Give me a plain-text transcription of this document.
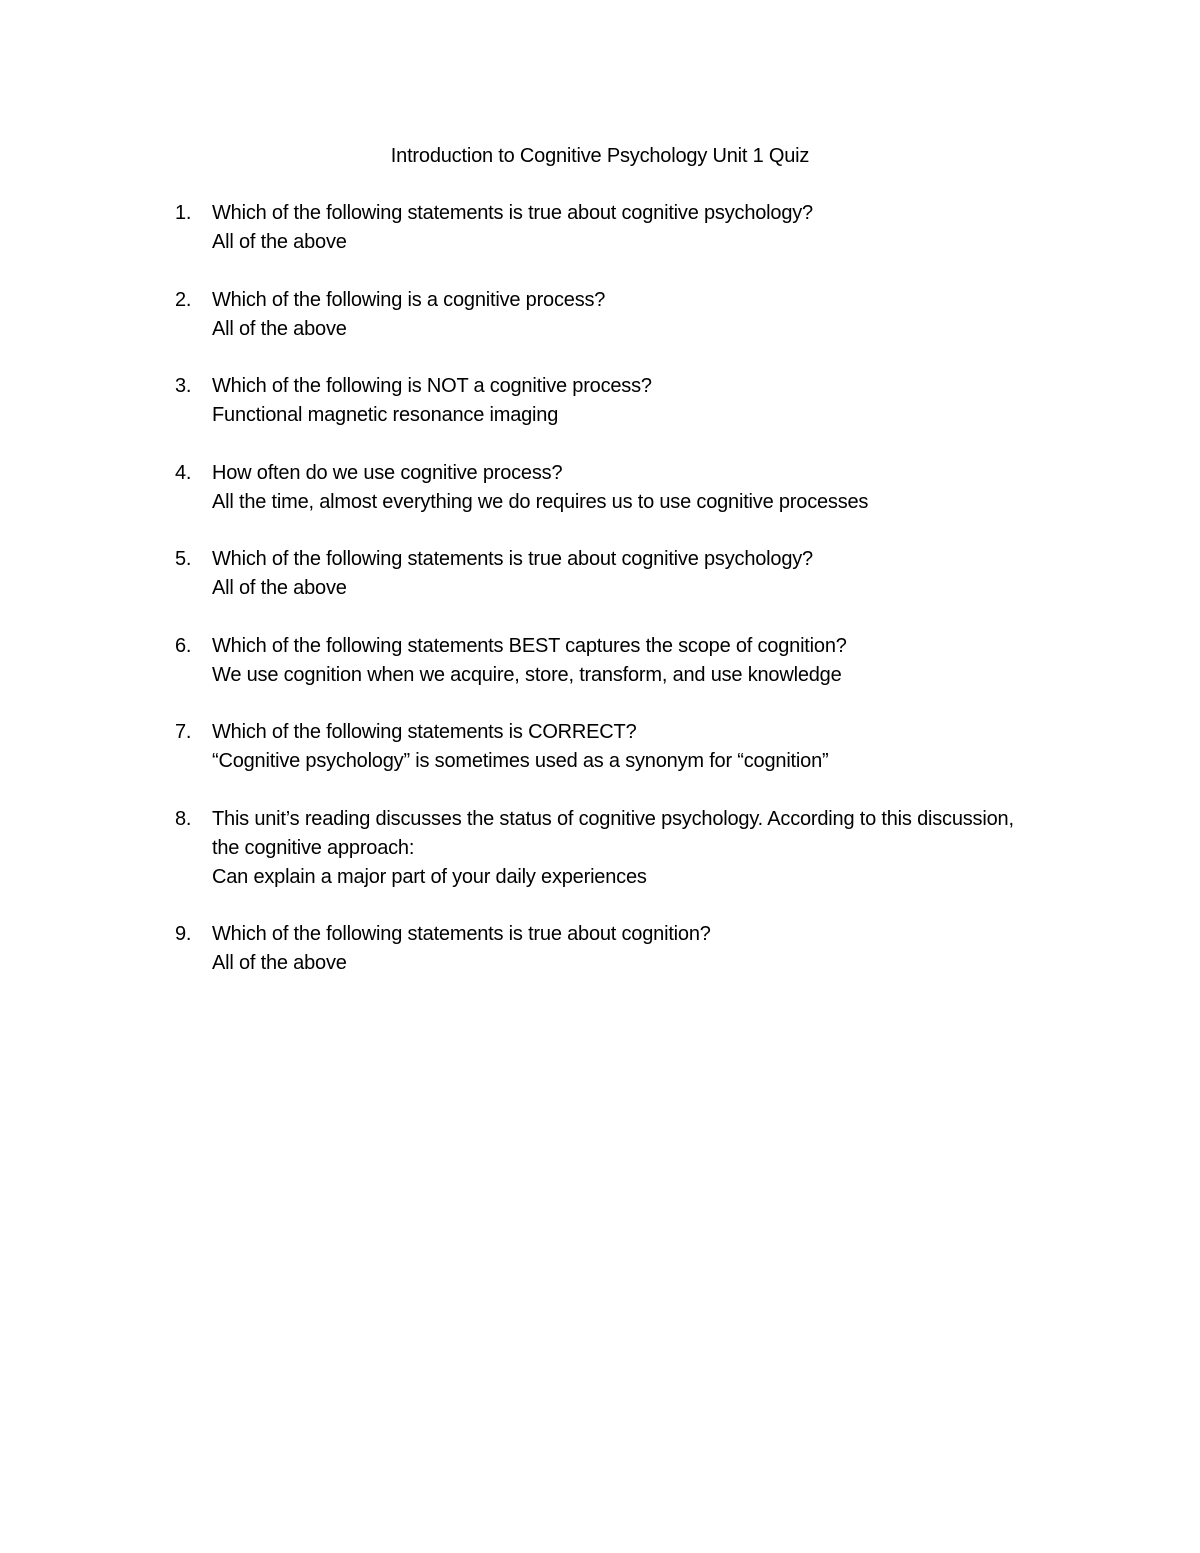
Introduction to Cognitive Psychology Unit 1 Quiz
1. Which of the following statements is true about cognitive psychology?
All of the above
2. Which of the following is a cognitive process?
All of the above
3. Which of the following is NOT a cognitive process?
Functional magnetic resonance imaging
4. How often do we use cognitive process?
All the time, almost everything we do requires us to use cognitive processes
5. Which of the following statements is true about cognitive psychology?
All of the above
6. Which of the following statements BEST captures the scope of cognition?
We use cognition when we acquire, store, transform, and use knowledge
7. Which of the following statements is CORRECT?
“Cognitive psychology” is sometimes used as a synonym for “cognition”
8. This unit’s reading discusses the status of cognitive psychology. According to this discussion, the cognitive approach:
Can explain a major part of your daily experiences
9. Which of the following statements is true about cognition?
All of the above
